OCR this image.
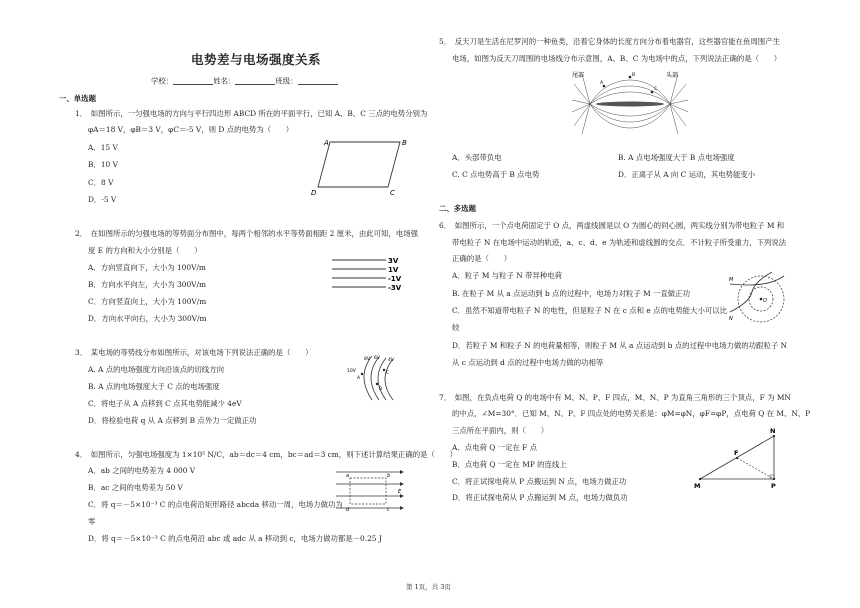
电势差与电场强度关系
学校：	姓名：	班级：
一、单选题
1．　如图所示，一匀强电场的方向与平行四边形 ABCD 所在的平面平行，已知 A、B、C 三点的电势分别为
φA＝18 V，φB＝3 V，φC＝-5 V，则 D 点的电势为（　　）
A．15 V
B．10 V
C．8 V
D．-5 V
A	B
C
D
2．　在如图所示的匀强电场的等势面分布图中，每两个相邻的水平等势面相距 2 厘米，由此可知，电场强
度 E 的方向和大小分别是（　　）
A．方向竖直向下，大小为 100V/m
B．方向水平向左，大小为 300V/m
C．方向竖直向上，大小为 100V/m
D．方向水平向右，大小为 300V/m
3V
1V
-1V
-3V
3．　某电场的等势线分布如图所示，对该电场下列说法正确的是（　　）
A. A 点的电场强度方向沿该点的切线方向
B. A 点的电场强度大于 C 点的电场强度
C．将电子从 A 点移到 C 点其电势能减少 4eV
D．将检验电荷 q 从 A 点移到 B 点外力一定做正功
8V 6V
10V
4V
A
B
C
4．　如图所示，匀强电场强度为 1×10⁵ N/C，ab＝dc＝4 cm，bc＝ad＝3 cm，则下述计算结果正确的是（　　）
A．ab 之间的电势差为 4 000 V
B．ac 之间的电势差为 50 V
C．将 q＝－5×10⁻³ C 的点电荷沿矩形路径 abcda 移动一周，电场力做功为
零
D．将 q＝－5×10⁻³ C 的点电荷沿 abc 或 adc 从 a 移动到 c，电场力做功都是－0.25 J
a	b
c
d
E
5．　反天刀是生活在尼罗河的一种鱼类，沿着它身体的长度方向分布着电器官，这些器官能在鱼周围产生
电场，如图为反天刀周围的电场线分布示意图，A、B、C 为电场中的点，下列说法正确的是（　　）
尾部	头部
A
B
C
A．头部带负电	B. A 点电场强度大于 B 点电场强度
C. C 点电势高于 B 点电势	D．正离子从 A 向 C 运动，其电势能变小
二、多选题
6．　如图所示，一个点电荷固定于 O 点，两虚线圆是以 O 为圆心的同心圆，两实线分别为带电粒子 M 和
带电粒子 N 在电场中运动的轨迹，a、c、d、e 为轨迹和虚线圆的交点．不计粒子所受重力，下列说法
正确的是（　　）
A．粒子 M 与粒子 N 带异种电荷
B. 在粒子 M 从 a 点运动到 b 点的过程中，电场力对粒子 M 一直做正功
C．虽然不知道带电粒子 N 的电性，但是粒子 N 在 c 点和 e 点的电势能大小可以比
较
D．若粒子 M 和粒子 N 的电荷量相等，则粒子 M 从 a 点运动到 b 点的过程中电场力做的功跟粒子 N
从 c 点运动到 d 点的过程中电场力做的功相等
O
M
N
7．　如图，在负点电荷 Q 的电场中有 M、N、P、F 四点，M、N、P 为直角三角形的三个顶点，F 为 MN
的中点，∠M=30°．已知 M、N、P、F 四点处的电势关系是：φM=φN，φF=φP，点电荷 Q 在 M、N、P
三点所在平面内，则（　　）
A．点电荷 Q 一定在 F 点
B．点电荷 Q 一定在 MP 的连线上
C．将正试探电荷从 P 点搬运到 N 点，电场力做正功
D．将正试探电荷从 P 点搬运到 M 点，电场力做负功
N
F
M	P
第 1页，共 3页
